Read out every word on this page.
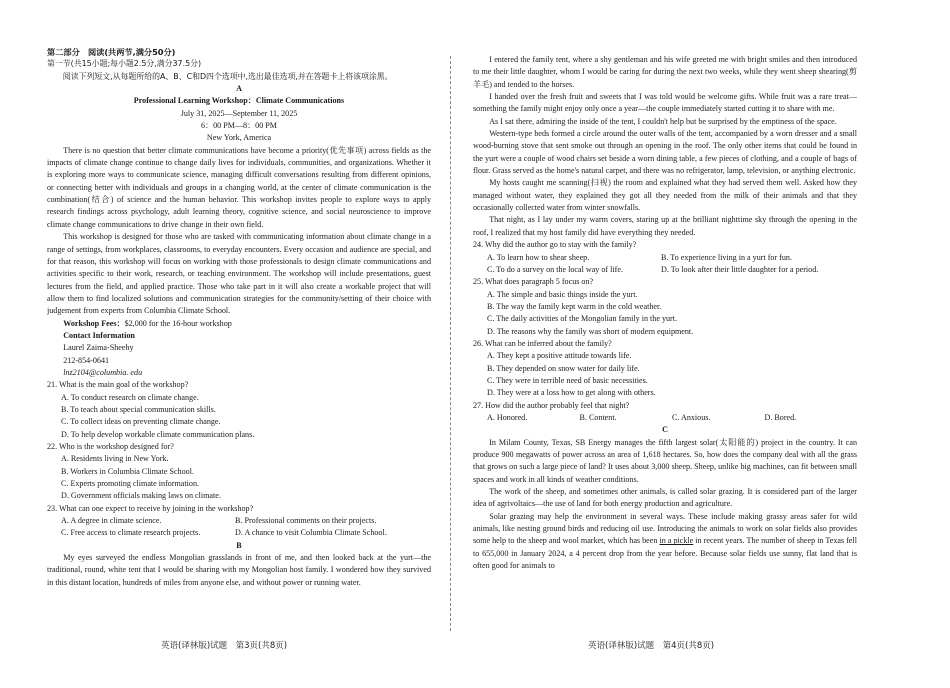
第二部分　阅读(共两节,满分50分)

第一节(共15小题;每小题2.5分,满分37.5分)

阅读下列短文,从每题所给的A、B、C和D四个选项中,选出最佳选项,并在答题卡上将该项涂黑。

A

Professional Learning Workshop：Climate Communications

July 31, 2025—September 11, 2025

6：00 PM—8：00 PM

New York, America

There is no question that better climate communications have become a priority(优先事项) across fields as the impacts of climate change continue to change daily lives for individuals, communities, and organizations. Whether it is exploring more ways to communicate science, managing difficult conversations resulting from different opinions, or connecting better with individuals and groups in a changing world, at the center of climate communication is the combination(结合) of science and the human behavior. This workshop invites people to explore ways to apply research findings across psychology, adult learning theory, cognitive science, and social neuroscience to improve climate change communications to drive change in their own field.

This workshop is designed for those who are tasked with communicating information about climate change in a range of settings, from workplaces, classrooms, to everyday encounters. Every occasion and audience are special, and for that reason, this workshop will focus on working with those professionals to design climate communications and activities specific to their work, research, or teaching environment. The workshop will include presentations, guest lectures from the field, and applied practice. Those who take part in it will also create a workable project that will allow them to find localized solutions and communication strategies for the community/setting of their choice with judgement from experts from Columbia Climate School.

Workshop Fees：$2,000 for the 16-hour workshop

Contact Information

Laurel Zaima-Sheehy

212-854-0641

lnz2104@columbia. edu

21. What is the main goal of the workshop?

A. To conduct research on climate change.

B. To teach about special communication skills.

C. To collect ideas on preventing climate change.

D. To help develop workable climate communication plans.

22. Who is the workshop designed for?

A. Residents living in New York.

B. Workers in Columbia Climate School.

C. Experts promoting climate information.

D. Government officials making laws on climate.

23. What can one expect to receive by joining in the workshop?

A. A degree in climate science.	B. Professional comments on their projects.
C. Free access to climate research projects.	D. A chance to visit Columbia Climate School.

B

My eyes surveyed the endless Mongolian grasslands in front of me, and then looked back at the yurt—the traditional, round, white tent that I would be sharing with my Mongolian host family. I wondered how they survived in this distant location, hundreds of miles from anyone else, and without power or running water.

I entered the family tent, where a shy gentleman and his wife greeted me with bright smiles and then introduced to me their little daughter, whom I would be caring for during the next two weeks, while they went sheep shearing(剪羊毛) and tended to the horses.

I handed over the fresh fruit and sweets that I was told would be welcome gifts. While fruit was a rare treat—something the family might enjoy only once a year—the couple immediately started cutting it to share with me.

As I sat there, admiring the inside of the tent, I couldn't help but be surprised by the emptiness of the space.

Western-type beds formed a circle around the outer walls of the tent, accompanied by a worn dresser and a small wood-burning stove that sent smoke out through an opening in the roof. The only other items that could be found in the yurt were a couple of wood chairs set beside a worn dining table, a few pieces of clothing, and a couple of bags of flour. Grass served as the home's natural carpet, and there was no refrigerator, lamp, television, or anything electronic.

My hosts caught me scanning(扫视) the room and explained what they had served them well. Asked how they managed without water, they explained they got all they needed from the milk of their animals and that they occasionally collected water from winter snowfalls.

That night, as I lay under my warm covers, staring up at the brilliant nighttime sky through the opening in the roof, I realized that my host family did have everything they needed.

24. Why did the author go to stay with the family?

A. To learn how to shear sheep.	B. To experience living in a yurt for fun.
C. To do a survey on the local way of life.	D. To look after their little daughter for a period.

25. What does paragraph 5 focus on?

A. The simple and basic things inside the yurt.

B. The way the family kept warm in the cold weather.

C. The daily activities of the Mongolian family in the yurt.

D. The reasons why the family was short of modern equipment.

26. What can be inferred about the family?

A. They kept a positive attitude towards life.

B. They depended on snow water for daily life.

C. They were in terrible need of basic necessities.

D. They were at a loss how to get along with others.

27. How did the author probably feel that night?

A. Honored.	B. Content.	C. Anxious.	D. Bored.

C

In Milam County, Texas, SB Energy manages the fifth largest solar(太阳能的) project in the country. It can produce 900 megawatts of power across an area of 1,618 hectares. So, how does the company deal with all the grass that grows on such a large piece of land? It uses about 3,000 sheep. Sheep, unlike big machines, can fit between small spaces and work in all kinds of weather conditions.

The work of the sheep, and sometimes other animals, is called solar grazing. It is considered part of the larger idea of agrivoltaics—the use of land for both energy production and agriculture.

Solar grazing may help the environment in several ways. These include making grassy areas safer for wild animals, like nesting ground birds and reducing oil use. Introducing the animals to work on solar fields also provides some help to the sheep and wool market, which has been in a pickle in recent years. The number of sheep in Texas fell to 655,000 in January 2024, a 4 percent drop from the year before. Because solar fields use sunny, flat land that is often good for animals to

英语(译林版)试题　第3页(共8页)	英语(译林版)试题　第4页(共8页)
